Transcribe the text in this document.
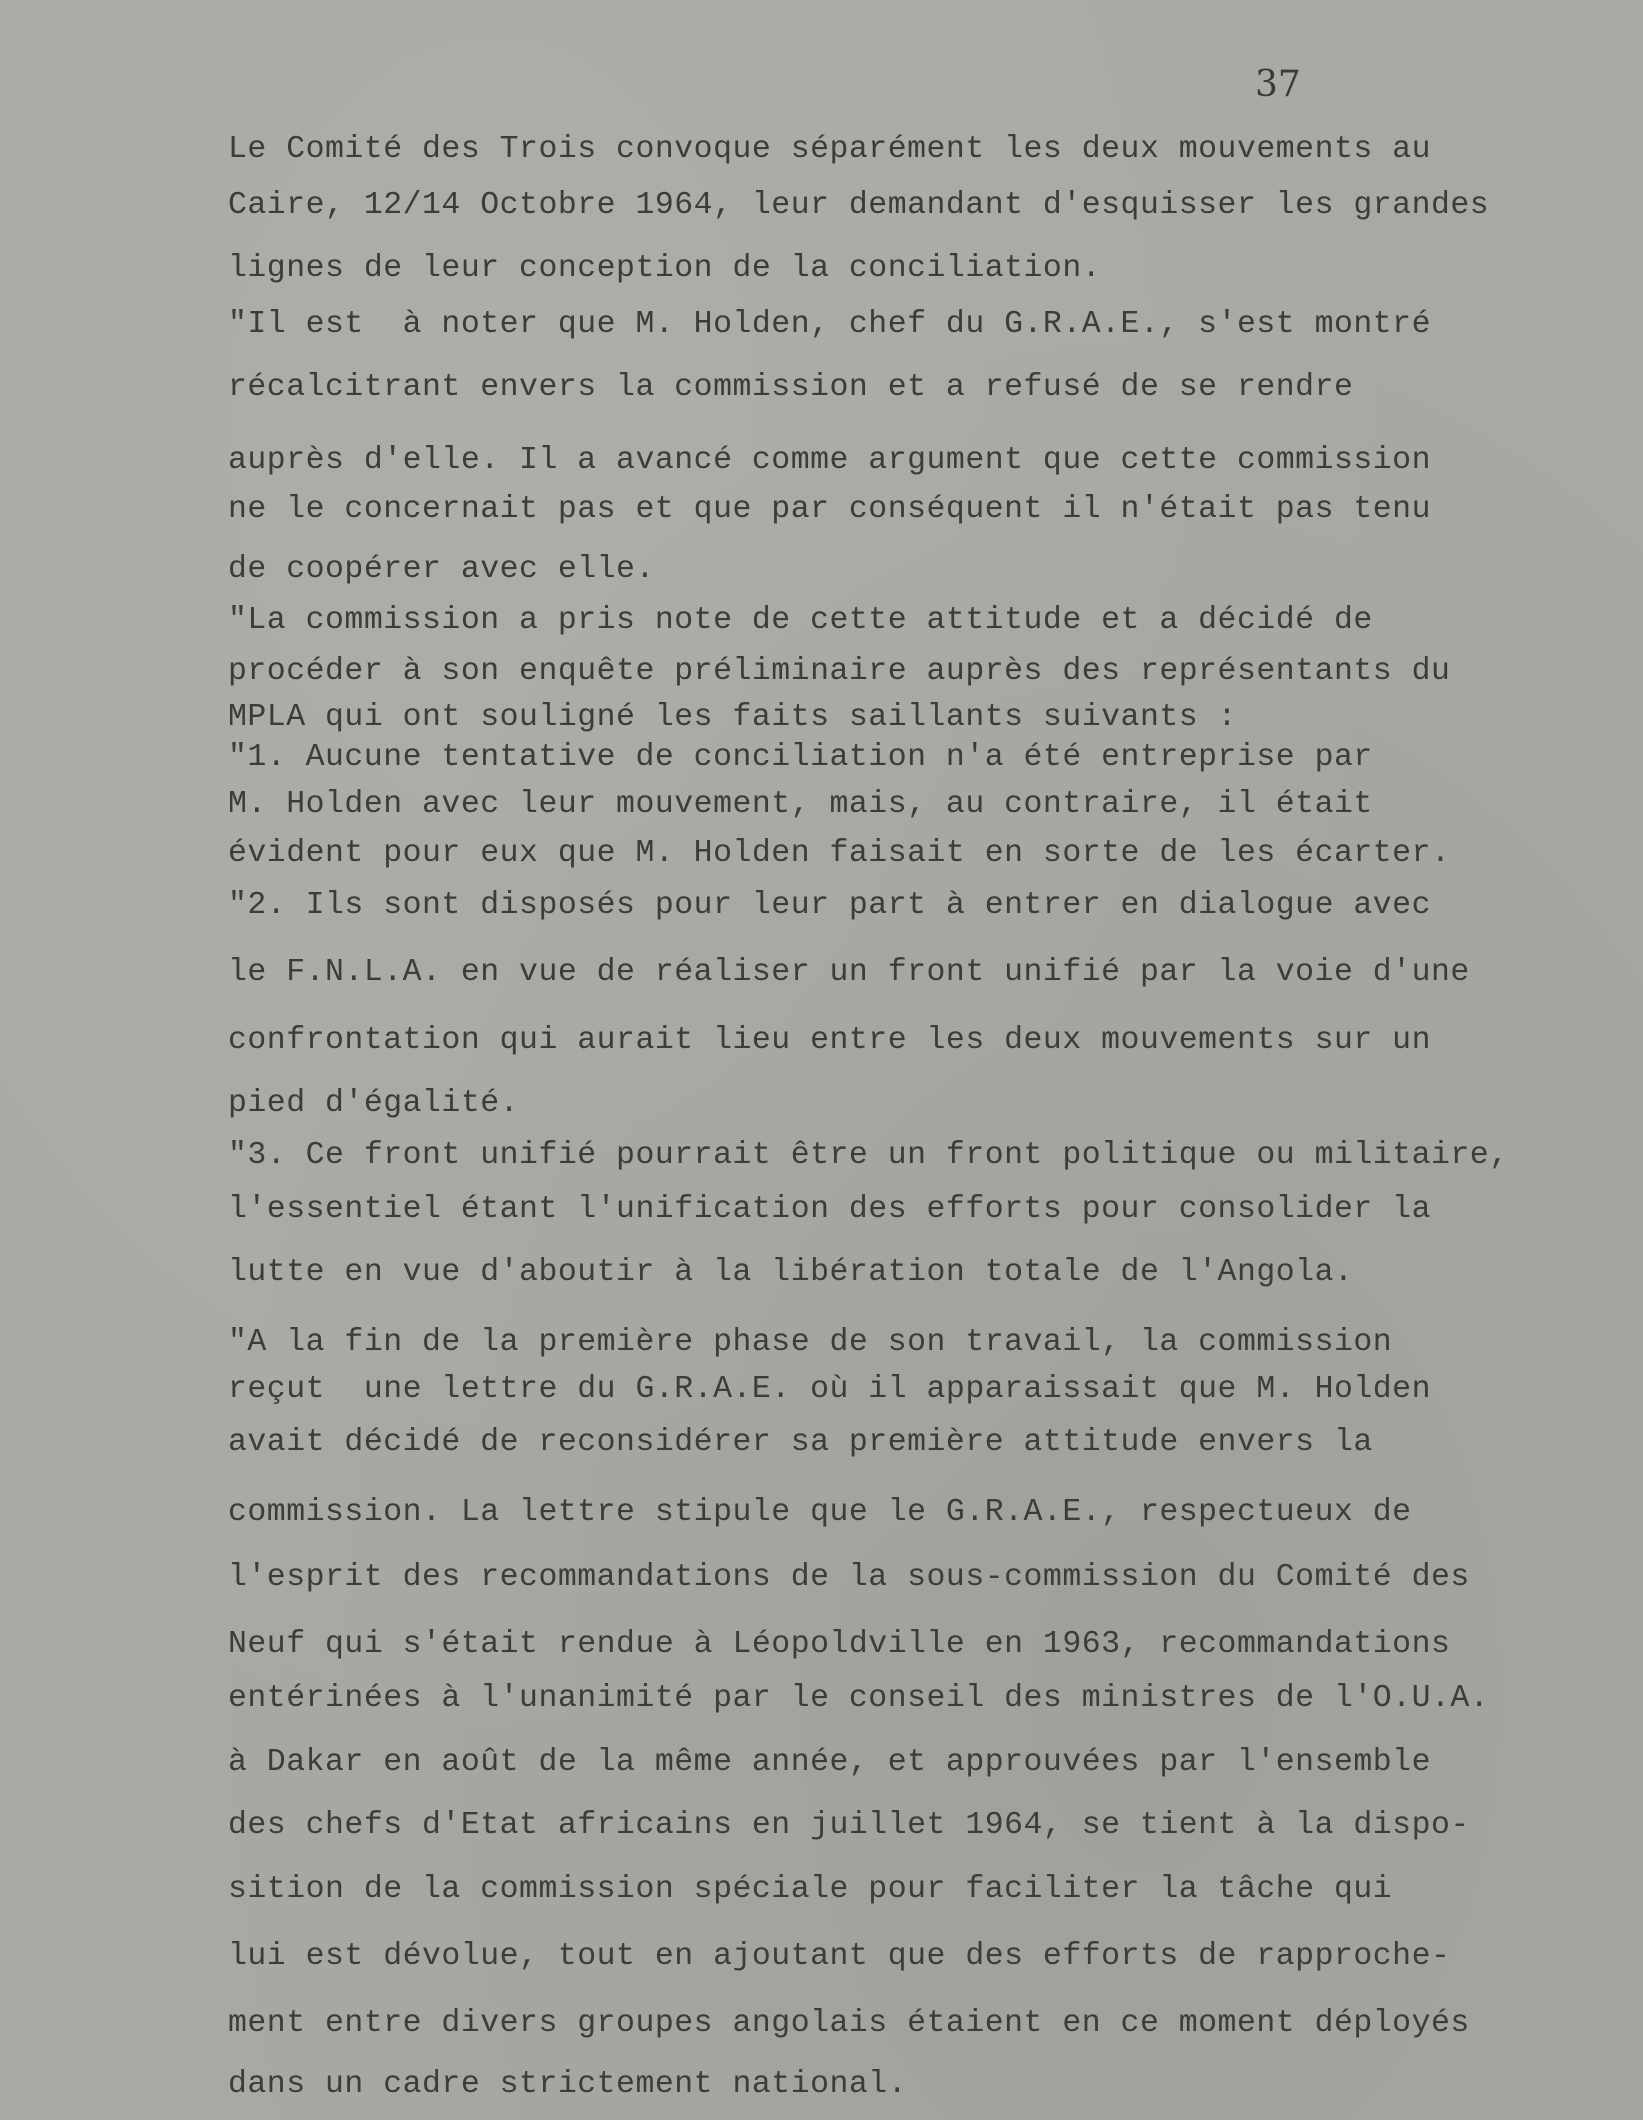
37
Le Comité des Trois convoque séparément les deux mouvements au
Caire, 12/14 Octobre 1964, leur demandant d'esquisser les grandes
lignes de leur conception de la conciliation.
"Il est  à noter que M. Holden, chef du G.R.A.E., s'est montré
récalcitrant envers la commission et a refusé de se rendre
auprès d'elle. Il a avancé comme argument que cette commission
ne le concernait pas et que par conséquent il n'était pas tenu
de coopérer avec elle.
"La commission a pris note de cette attitude et a décidé de
procéder à son enquête préliminaire auprès des représentants du
MPLA qui ont souligné les faits saillants suivants :
"1. Aucune tentative de conciliation n'a été entreprise par
M. Holden avec leur mouvement, mais, au contraire, il était
évident pour eux que M. Holden faisait en sorte de les écarter.
"2. Ils sont disposés pour leur part à entrer en dialogue avec
le F.N.L.A. en vue de réaliser un front unifié par la voie d'une
confrontation qui aurait lieu entre les deux mouvements sur un
pied d'égalité.
"3. Ce front unifié pourrait être un front politique ou militaire,
l'essentiel étant l'unification des efforts pour consolider la
lutte en vue d'aboutir à la libération totale de l'Angola.
"A la fin de la première phase de son travail, la commission
reçut  une lettre du G.R.A.E. où il apparaissait que M. Holden
avait décidé de reconsidérer sa première attitude envers la
commission. La lettre stipule que le G.R.A.E., respectueux de
l'esprit des recommandations de la sous-commission du Comité des
Neuf qui s'était rendue à Léopoldville en 1963, recommandations
entérinées à l'unanimité par le conseil des ministres de l'O.U.A.
à Dakar en août de la même année, et approuvées par l'ensemble
des chefs d'Etat africains en juillet 1964, se tient à la dispo-
sition de la commission spéciale pour faciliter la tâche qui
lui est dévolue, tout en ajoutant que des efforts de rapproche-
ment entre divers groupes angolais étaient en ce moment déployés
dans un cadre strictement national.
